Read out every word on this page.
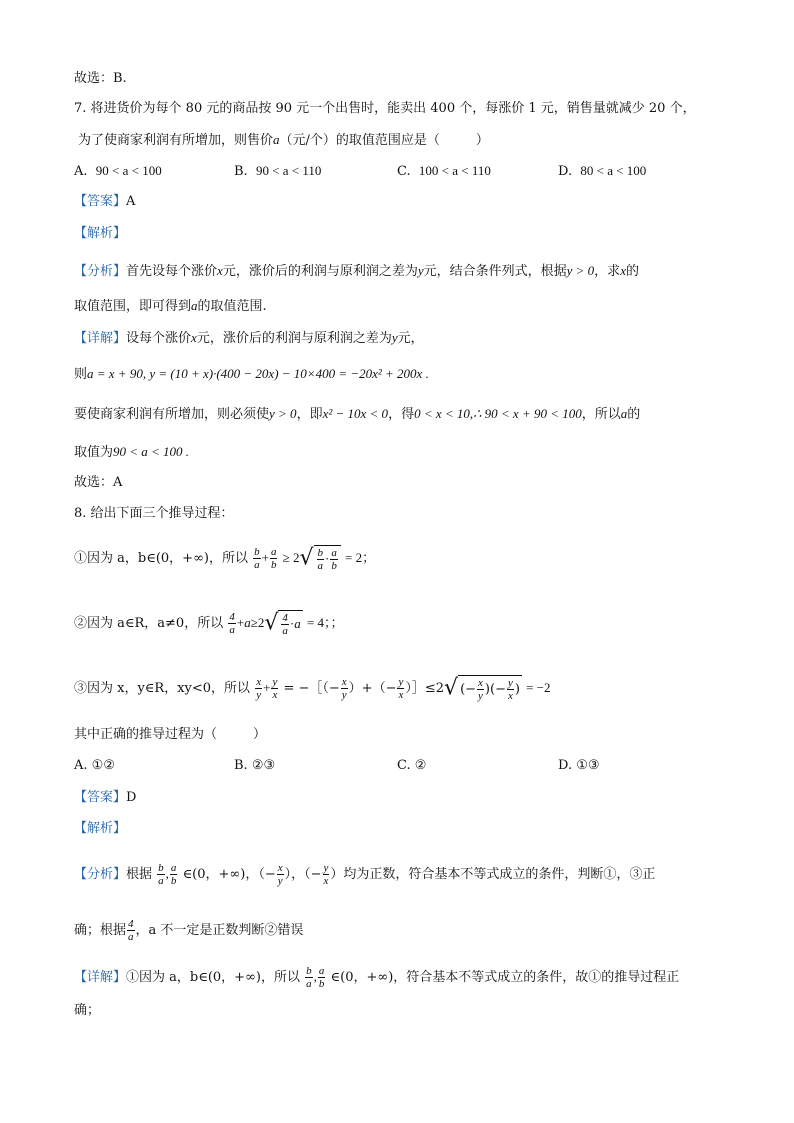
故选：B.
7. 将进货价为每个 80 元的商品按 90 元一个出售时，能卖出 400 个，每涨价 1 元，销售量就减少 20 个，
为了使商家利润有所增加，则售价a（元/个）的取值范围应是（	）
A. 90 < a < 100	B. 90 < a < 110	C. 100 < a < 110	D. 80 < a < 100
【答案】A
【解析】
【分析】首先设每个涨价x元，涨价后的利润与原利润之差为y元，结合条件列式，根据y > 0，求x的
取值范围，即可得到a的取值范围.
【详解】设每个涨价x元，涨价后的利润与原利润之差为y元，
则a = x + 90, y = (10 + x)·(400 − 20x) − 10×400 = −20x² + 200x .
要使商家利润有所增加，则必须使y > 0，即x² − 10x < 0，得0 < x < 10,∴ 90 < x + 90 < 100，所以a的
取值为90 < a < 100 .
故选：A
8. 给出下面三个推导过程：
①因为 a，b∈(0，+∞)，所以 $\frac{b}{a} + \frac{a}{b} \ge 2√ \frac{b}{a} \cdot \frac{a}{b} = 2$；
②因为 a∈R，a≠0，所以 $\frac{4}{a} +a\ge 2√ \frac{4}{a} \cdot a = 4$；；
③因为 x，y∈R，xy<0，所以 $\frac{x}{y} + \frac{y}{x}$ = −［（− $\frac{x}{y}$ ）+（− $\frac{y}{x}$ ）］≤2√ (− $\frac{x}{y}$ )(− $\frac{y}{x}$ ) = −2
其中正确的推导过程为（	）
A. ①②	B. ②③	C. ②	D. ①③
【答案】D
【解析】
【分析】根据 $\frac{b}{a}$ , $\frac{a}{b}$ ∈(0，+∞)，（− $\frac{x}{y}$ ），（− $\frac{y}{x}$ ）均为正数，符合基本不等式成立的条件，判断①，③正
确；根据 $\frac{4}{a}$ ，a 不一定是正数判断②错误
【详解】①因为 a，b∈(0，+∞)，所以 $\frac{b}{a}$ , $\frac{a}{b}$ ∈(0，+∞)，符合基本不等式成立的条件，故①的推导过程正
确；
